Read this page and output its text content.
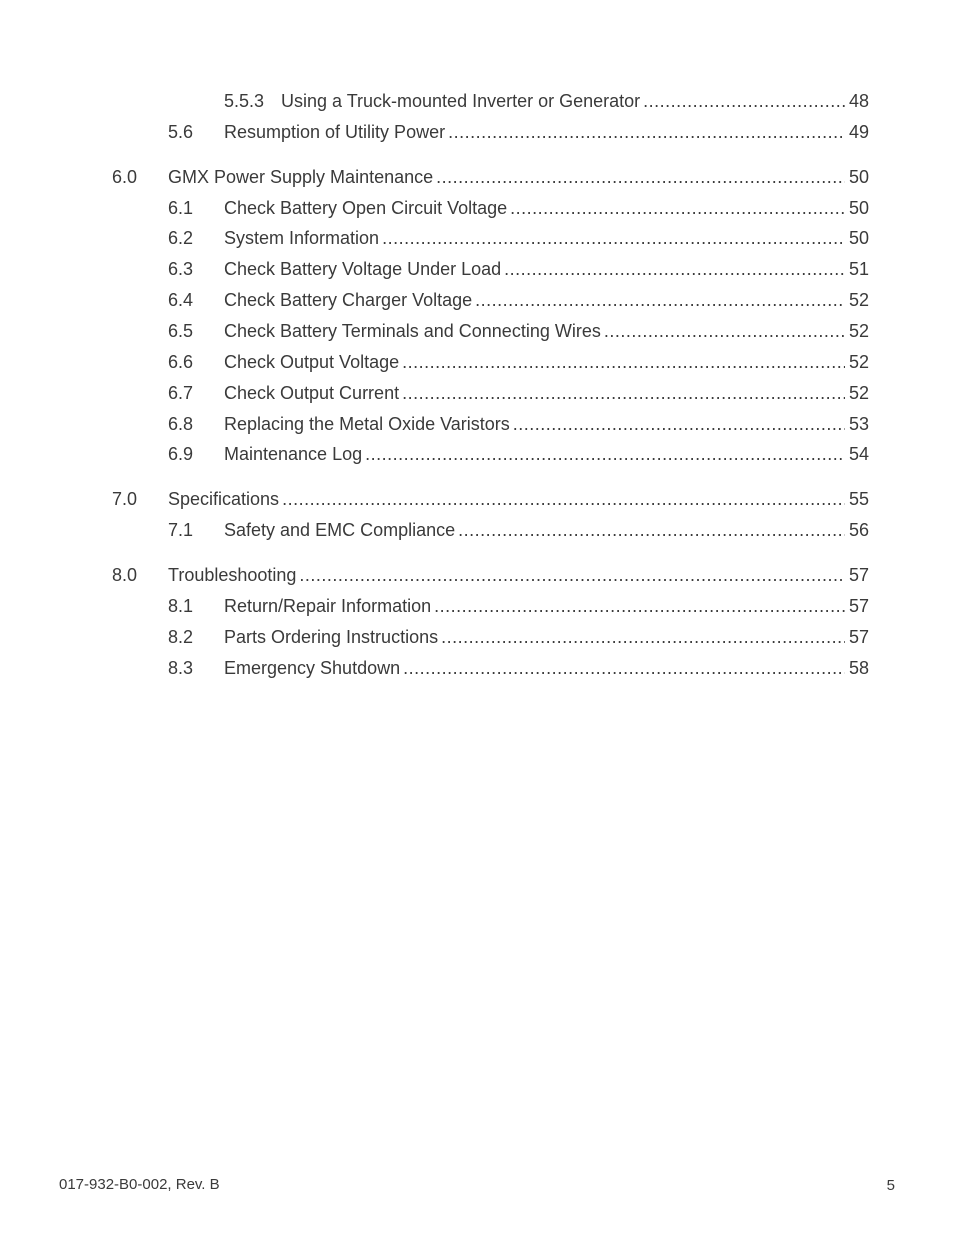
5.5.3 Using a Truck-mounted Inverter or Generator .....	48
5.6	Resumption of Utility Power .....	49
6.0	GMX Power Supply Maintenance .....	50
6.1	Check Battery Open Circuit Voltage .....	50
6.2	System Information .....	50
6.3	Check Battery Voltage Under Load .....	51
6.4	Check Battery Charger Voltage .....	52
6.5	Check Battery Terminals and Connecting Wires .....	52
6.6	Check Output Voltage .....	52
6.7	Check Output Current .....	52
6.8	Replacing the Metal Oxide Varistors .....	53
6.9	Maintenance Log .....	54
7.0	Specifications .....	55
7.1	Safety and EMC Compliance .....	56
8.0	Troubleshooting .....	57
8.1	Return/Repair Information .....	57
8.2	Parts Ordering Instructions .....	57
8.3	Emergency Shutdown .....	58
017-932-B0-002, Rev. B	5
